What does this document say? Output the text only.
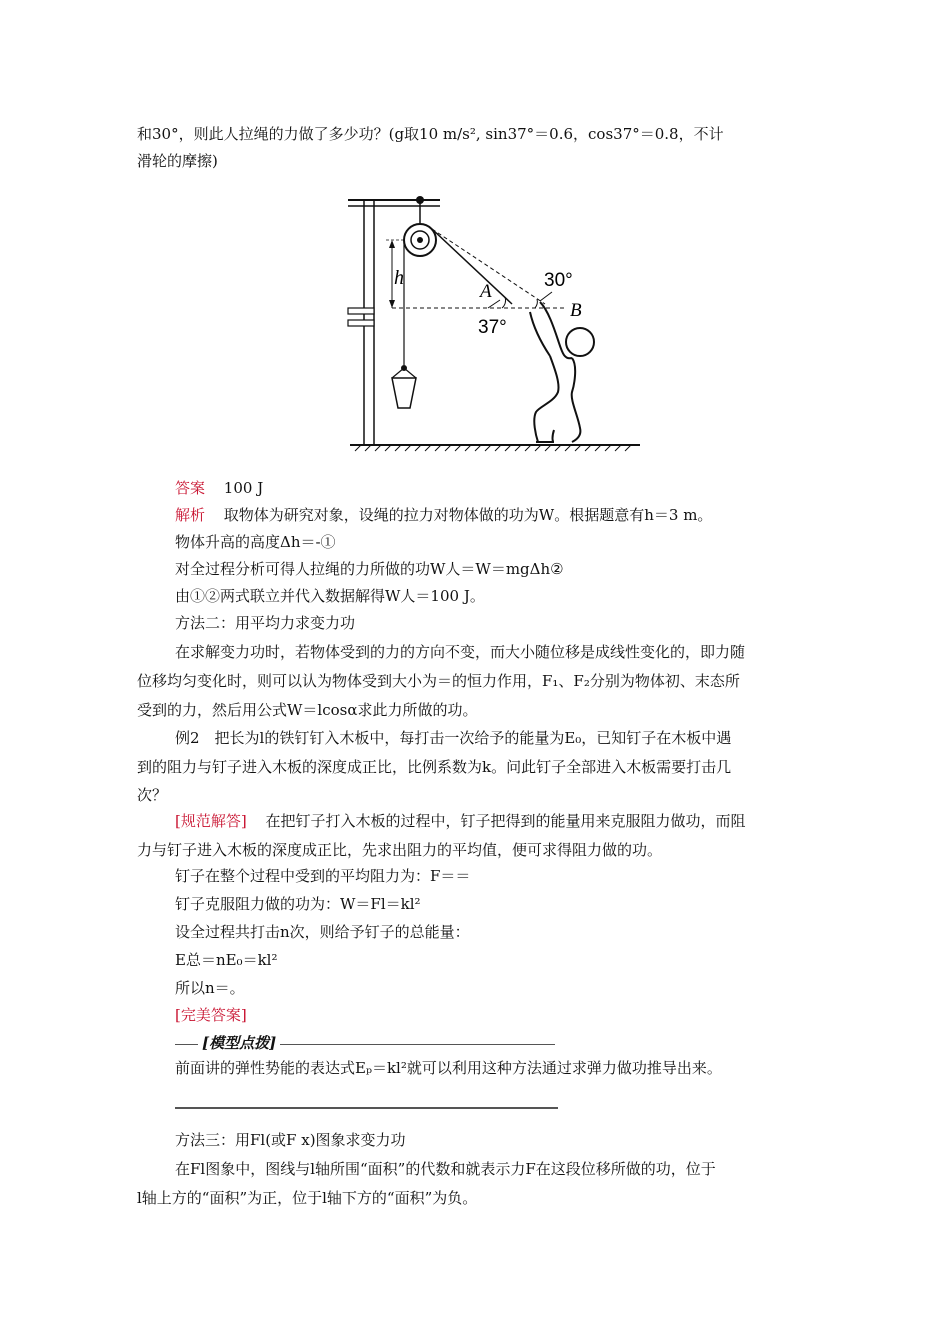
和30°，则此人拉绳的力做了多少功？(g取10 m/s², sin37°＝0.6，cos37°＝0.8，不计
滑轮的摩擦)
h
A
B
30°
37°
答案 100 J
解析 取物体为研究对象，设绳的拉力对物体做的功为W。根据题意有h＝3 m。
物体升高的高度Δh＝-①
对全过程分析可得人拉绳的力所做的功W人＝W＝mgΔh②
由①②两式联立并代入数据解得W人＝100 J。
方法二：用平均力求变力功
在求解变力功时，若物体受到的力的方向不变，而大小随位移是成线性变化的，即力随
位移均匀变化时，则可以认为物体受到大小为＝的恒力作用，F₁、F₂分别为物体初、末态所
受到的力，然后用公式W＝lcosα求此力所做的功。
例2　把长为l的铁钉钉入木板中，每打击一次给予的能量为E₀，已知钉子在木板中遇
到的阻力与钉子进入木板的深度成正比，比例系数为k。问此钉子全部进入木板需要打击几
次？
[规范解答] 在把钉子打入木板的过程中，钉子把得到的能量用来克服阻力做功，而阻
力与钉子进入木板的深度成正比，先求出阻力的平均值，便可求得阻力做的功。
钉子在整个过程中受到的平均阻力为：F＝＝
钉子克服阻力做的功为：W＝Fl＝kl²
设全过程共打击n次，则给予钉子的总能量：
E总＝nE₀＝kl²
所以n＝。
[完美答案]
[模型点拨]
前面讲的弹性势能的表达式Eₚ＝kl²就可以利用这种方法通过求弹力做功推导出来。
方法三：用Fl(或F x)图象求变力功
在Fl图象中，图线与l轴所围“面积”的代数和就表示力F在这段位移所做的功，位于
l轴上方的“面积”为正，位于l轴下方的“面积”为负。
